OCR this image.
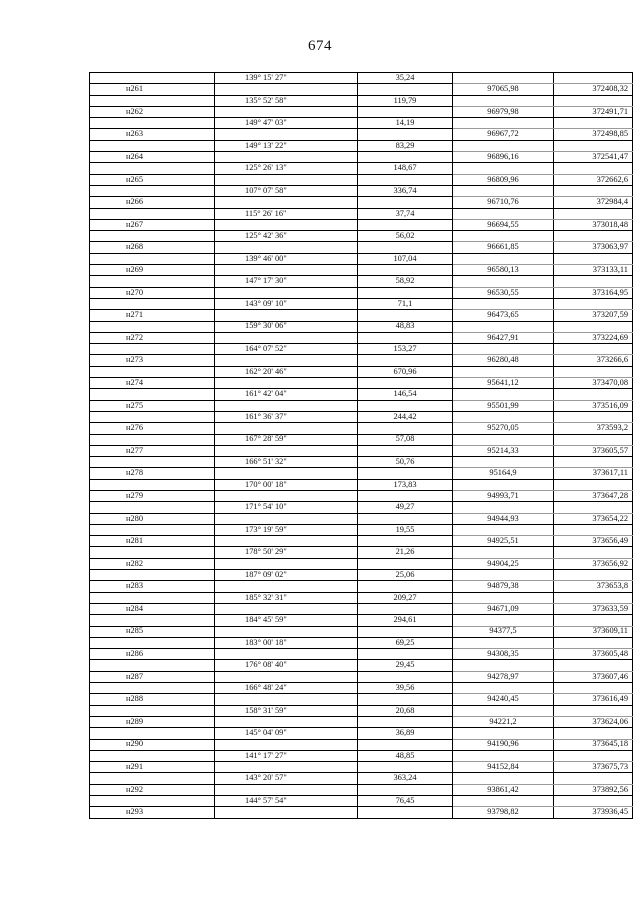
674
	139° 15' 27"	35,24		
н261			97065,98	372408,32
	135° 52' 58"	119,79		
н262			96979,98	372491,71
	149° 47' 03"	14,19		
н263			96967,72	372498,85
	149° 13' 22"	83,29		
н264			96896,16	372541,47
	125° 26' 13"	148,67		
н265			96809,96	372662,6
	107° 07' 58"	336,74		
н266			96710,76	372984,4
	115° 26' 16"	37,74		
н267			96694,55	373018,48
	125° 42' 36"	56,02		
н268			96661,85	373063,97
	139° 46' 00"	107,04		
н269			96580,13	373133,11
	147° 17' 30"	58,92		
н270			96530,55	373164,95
	143° 09' 10"	71,1		
н271			96473,65	373207,59
	159° 30' 06"	48,83		
н272			96427,91	373224,69
	164° 07' 52"	153,27		
н273			96280,48	373266,6
	162° 20' 46"	670,96		
н274			95641,12	373470,08
	161° 42' 04"	146,54		
н275			95501,99	373516,09
	161° 36' 37"	244,42		
н276			95270,05	373593,2
	167° 28' 59"	57,08		
н277			95214,33	373605,57
	166° 51' 32"	50,76		
н278			95164,9	373617,11
	170° 00' 18"	173,83		
н279			94993,71	373647,28
	171° 54' 10"	49,27		
н280			94944,93	373654,22
	173° 19' 59"	19,55		
н281			94925,51	373656,49
	178° 50' 29"	21,26		
н282			94904,25	373656,92
	187° 09' 02"	25,06		
н283			94879,38	373653,8
	185° 32' 31"	209,27		
н284			94671,09	373633,59
	184° 45' 59"	294,61		
н285			94377,5	373609,11
	183° 00' 18"	69,25		
н286			94308,35	373605,48
	176° 08' 40"	29,45		
н287			94278,97	373607,46
	166° 48' 24"	39,56		
н288			94240,45	373616,49
	158° 31' 59"	20,68		
н289			94221,2	373624,06
	145° 04' 09"	36,89		
н290			94190,96	373645,18
	141° 17' 27"	48,85		
н291			94152,84	373675,73
	143° 20' 57"	363,24		
н292			93861,42	373892,56
	144° 57' 54"	76,45		
н293			93798,82	373936,45
